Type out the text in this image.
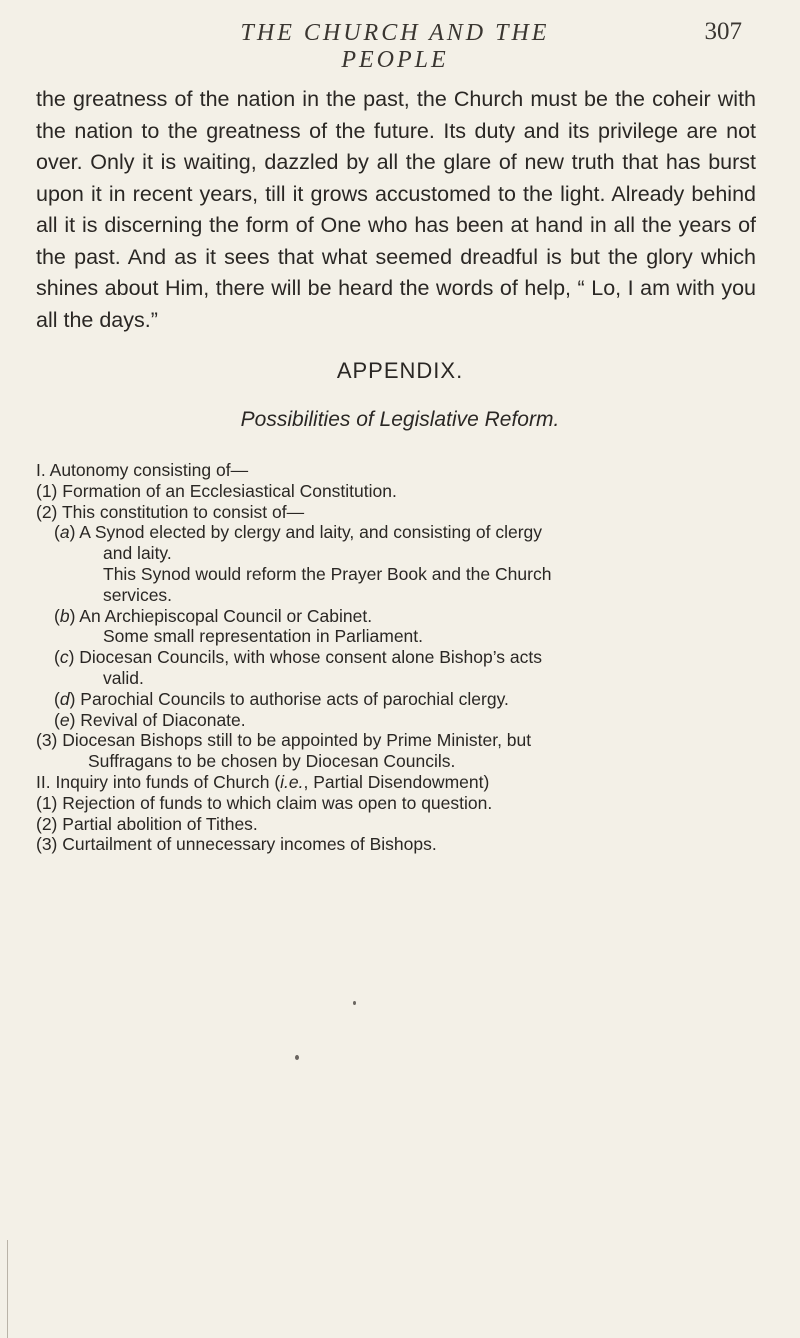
THE CHURCH AND THE PEOPLE
307

the greatness of the nation in the past, the Church must be the coheir with the nation to the greatness of the future. Its duty and its privilege are not over. Only it is waiting, dazzled by all the glare of new truth that has burst upon it in recent years, till it grows accustomed to the light. Already behind all it is discerning the form of One who has been at hand in all the years of the past. And as it sees that what seemed dreadful is but the glory which shines about Him, there will be heard the words of help, “ Lo, I am with you all the days.”

APPENDIX.
Possibilities of Legislative Reform.
I. Autonomy consisting of—
(1) Formation of an Ecclesiastical Constitution.
(2) This constitution to consist of—
(a) A Synod elected by clergy and laity, and consisting of clergy
and laity.
This Synod would reform the Prayer Book and the Church
services.
(b) An Archiepiscopal Council or Cabinet.
Some small representation in Parliament.
(c) Diocesan Councils, with whose consent alone Bishop’s acts
valid.
(d) Parochial Councils to authorise acts of parochial clergy.
(e) Revival of Diaconate.
(3) Diocesan Bishops still to be appointed by Prime Minister, but
Suffragans to be chosen by Diocesan Councils.
II. Inquiry into funds of Church (i.e., Partial Disendowment)
(1) Rejection of funds to which claim was open to question.
(2) Partial abolition of Tithes.
(3) Curtailment of unnecessary incomes of Bishops.
